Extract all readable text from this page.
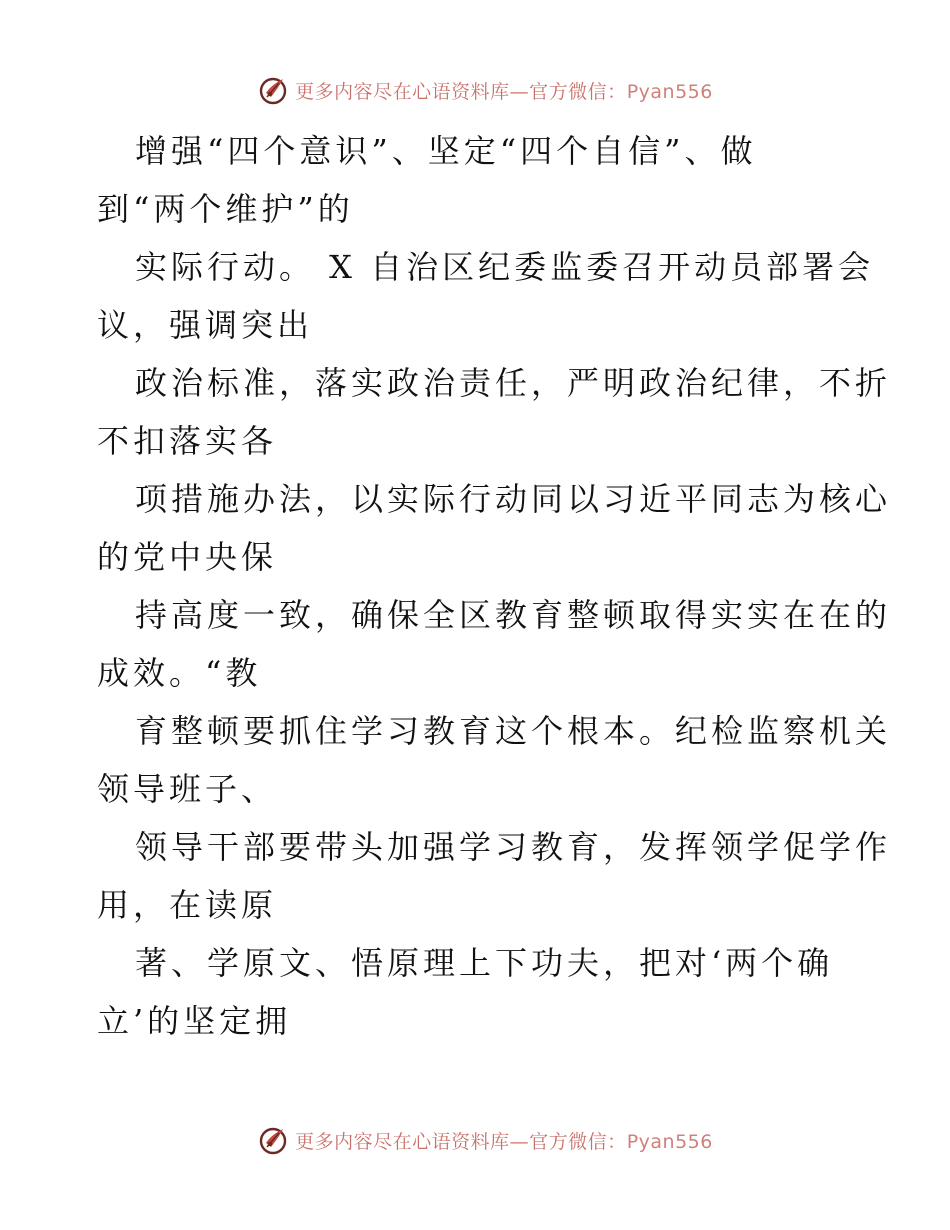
更多内容尽在心语资料库—官方微信：Pyan556
增强“四个意识”、坚定“四个自信”、做
到“两个维护”的
实际行动。 X 自治区纪委监委召开动员部署会
议，强调突出
政治标准，落实政治责任，严明政治纪律，不折
不扣落实各
项措施办法，以实际行动同以习近平同志为核心
的党中央保
持高度一致，确保全区教育整顿取得实实在在的
成效。“教
育整顿要抓住学习教育这个根本。纪检监察机关
领导班子、
领导干部要带头加强学习教育，发挥领学促学作
用，在读原
著、学原文、悟原理上下功夫，把对‘两个确
立’的坚定拥
更多内容尽在心语资料库—官方微信：Pyan556
